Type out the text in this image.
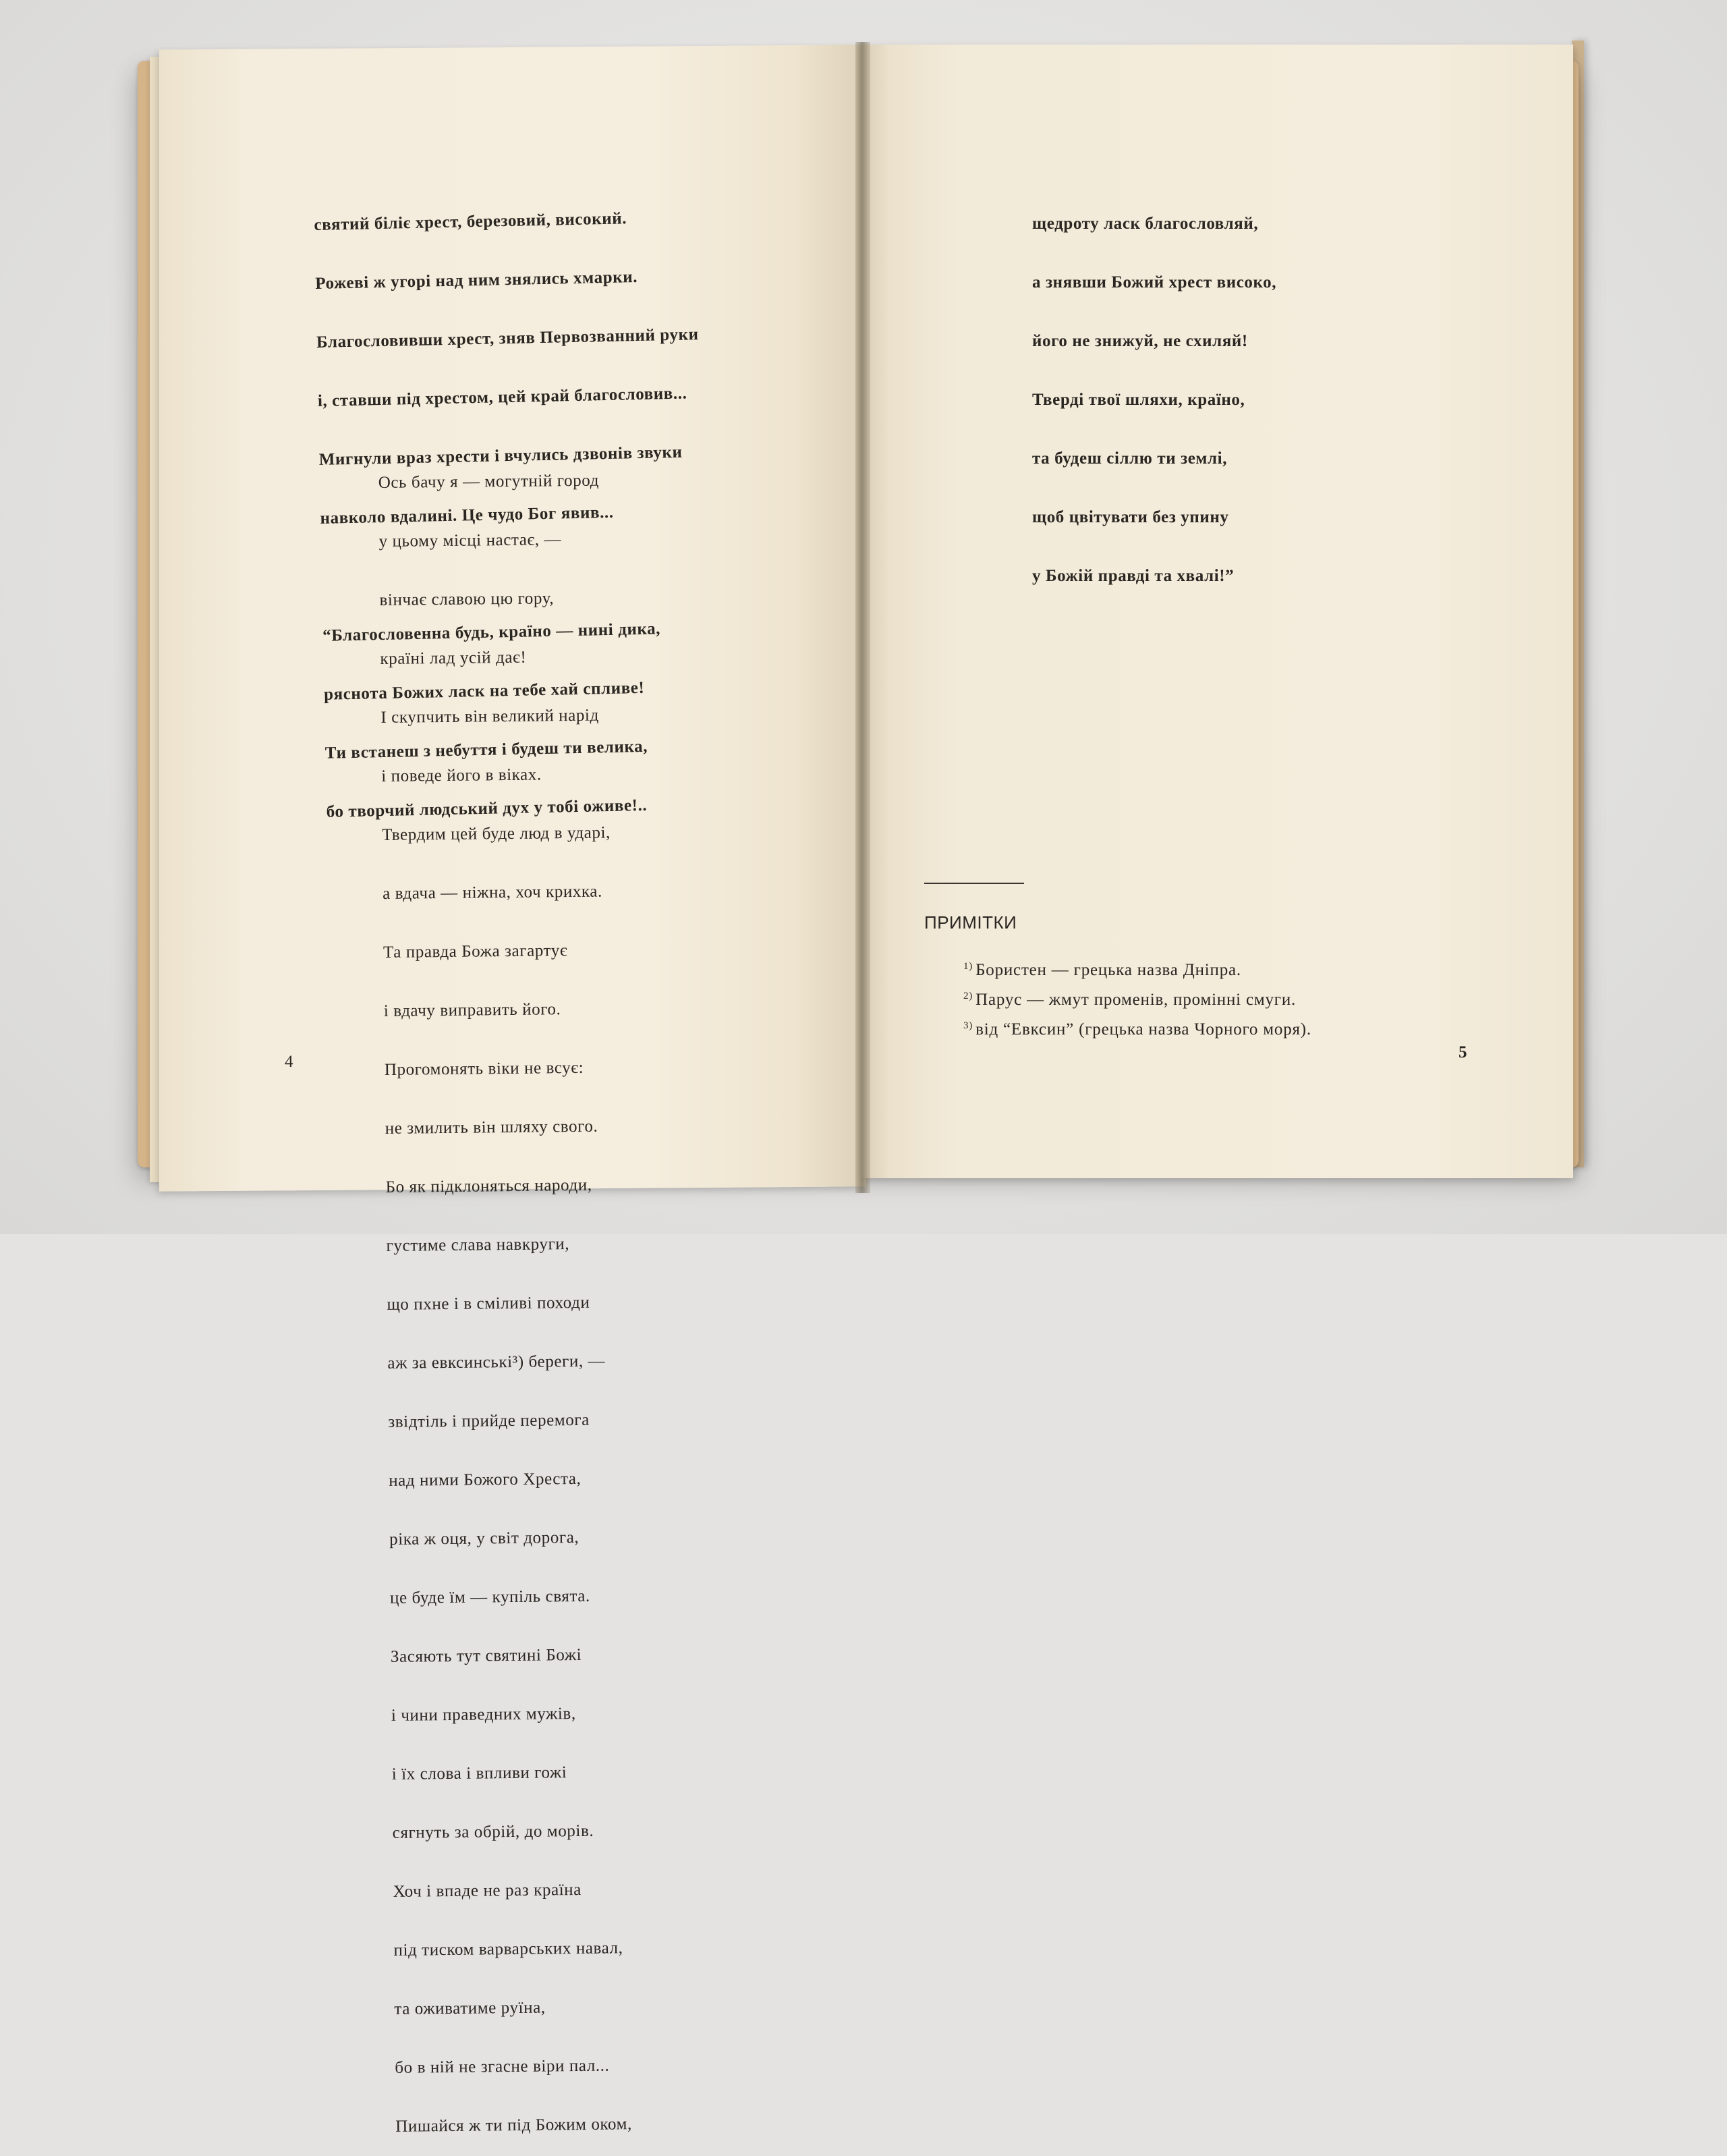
святий біліє хрест, березовий, високий.

Рожеві ж угорі над ним знялись хмарки.

Благословивши хрест, зняв Первозванний руки

і, ставши під хрестом, цей край благословив...

Мигнули враз хрести і вчулись дзвонів звуки

навколо вдалині. Це чудо Бог явив...

“Благословенна будь, країно — нині дика,

ряснота Божих ласк на тебе хай спливе!

Ти встанеш з небуття і будеш ти велика,

бо творчий людський дух у тобі оживе!..

Ось бачу я — могутній город

у цьому місці настає, —

вінчає славою цю гору,

країні лад усій дає!

І скупчить він великий нарід

і поведе його в віках.

Твердим цей буде люд в ударі,

а вдача — ніжна, хоч крихка.

Та правда Божа загартує

і вдачу виправить його.

Прогомонять віки не всує:

не змилить він шляху свого.

Бо як підклоняться народи,

густиме слава навкруги,

що пхне і в сміливі походи

аж за евксинські³) береги, —

звідтіль і прийде перемога

над ними Божого Хреста,

ріка ж оця, у світ дорога,

це буде їм — купіль свята.

Засяють тут святині Божі

і чини праведних мужів,

і їх слова і впливи гожі

сягнуть за обрій, до морів.

Хоч і впаде не раз країна

під тиском варварських навал,

та оживатиме руїна,

бо в ній не згасне віри пал...

Пишайся ж ти під Божим оком,

4

щедроту ласк благословляй,

а знявши Божий хрест високо,

його не знижуй, не схиляй!

Тверді твої шляхи, країно,

та будеш сіллю ти землі,

щоб цвітувати без упину

у Божій правді та хвалі!”

ПРИМІТКИ
$^{1)}$ Бористен — грецька назва Дніпра.
$^{2)}$ Парус — жмут променів, промінні смуги.
$^{3)}$ від “Евксин” (грецька назва Чорного моря).
5
